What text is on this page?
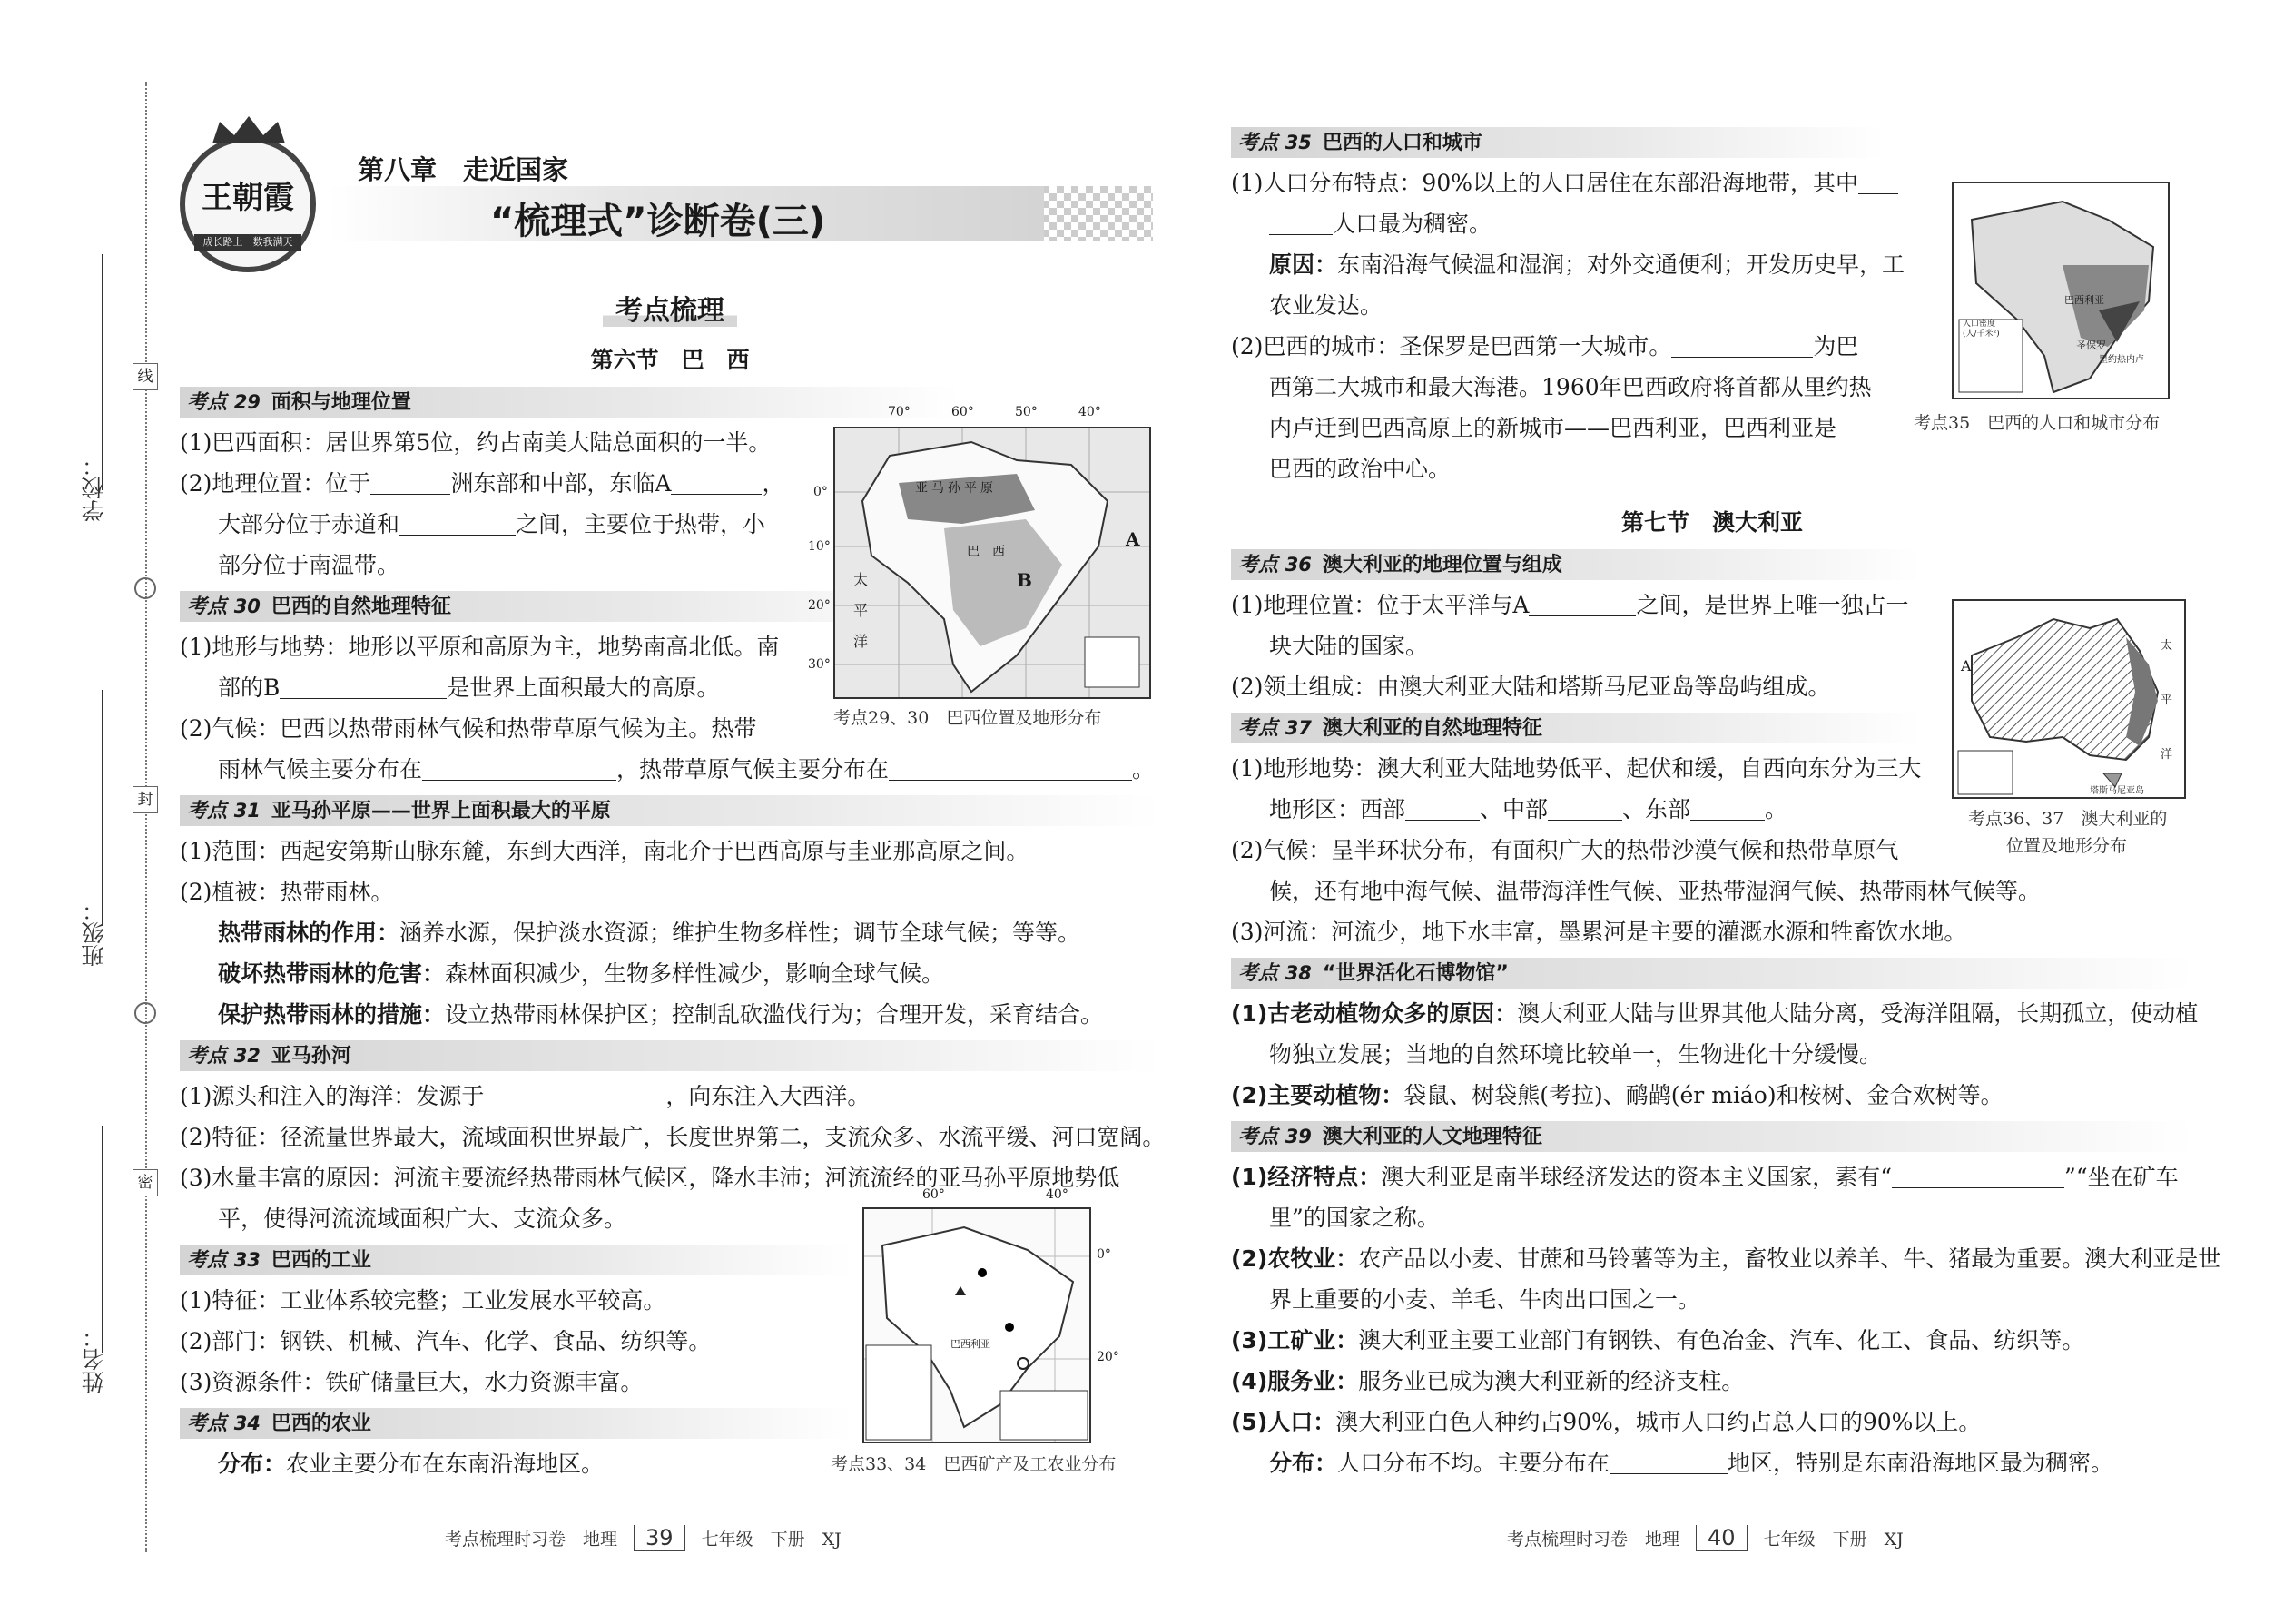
线
封
密
学校：
班级：
姓名：
王朝霞
成长路上　数我满天
第八章　走近国家
“梳理式”诊断卷(三)
考点梳理
第六节　巴　西
考点 29 面积与地理位置
(1)巴西面积：居世界第5位，约占南美大陆总面积的一半。
(2)地理位置：位于	洲东部和中部，东临A	，
大部分位于赤道和	之间，主要位于热带，小
部分位于南温带。
考点 30 巴西的自然地理特征
(1)地形与地势：地形以平原和高原为主，地势南高北低。南
部的B	是世界上面积最大的高原。
(2)气候：巴西以热带雨林气候和热带草原气候为主。热带
雨林气候主要分布在	，热带草原气候主要分布在	。
考点 31 亚马孙平原——世界上面积最大的平原
(1)范围：西起安第斯山脉东麓，东到大西洋，南北介于巴西高原与圭亚那高原之间。
(2)植被：热带雨林。
热带雨林的作用：涵养水源，保护淡水资源；维护生物多样性；调节全球气候；等等。
破坏热带雨林的危害：森林面积减少，生物多样性减少，影响全球气候。
保护热带雨林的措施：设立热带雨林保护区；控制乱砍滥伐行为；合理开发，采育结合。
考点 32 亚马孙河
(1)源头和注入的海洋：发源于	，向东注入大西洋。
(2)特征：径流量世界最大，流域面积世界最广，长度世界第二，支流众多、水流平缓、河口宽阔。
(3)水量丰富的原因：河流主要流经热带雨林气候区，降水丰沛；河流流经的亚马孙平原地势低
平，使得河流流域面积广大、支流众多。
考点 33 巴西的工业
(1)特征：工业体系较完整；工业发展水平较高。
(2)部门：钢铁、机械、汽车、化学、食品、纺织等。
(3)资源条件：铁矿储量巨大，水力资源丰富。
考点 34 巴西的农业
分布：农业主要分布在东南沿海地区。
70°	60°	50°	40°
0°
10°
20°
30°
A
B
太
平
洋
亚马孙平原
巴　西
考点29、30　巴西位置及地形分布
60°	40°
0°
20°
巴西利亚
考点33、34　巴西矿产及工农业分布
考点梳理时习卷　地理	39	七年级　下册　XJ
考点 35 巴西的人口和城市
(1)人口分布特点：90%以上的人口居住在东部沿海地带，其中
人口最为稠密。
原因：东南沿海气候温和湿润；对外交通便利；开发历史早，工
农业发达。
(2)巴西的城市：圣保罗是巴西第一大城市。	为巴
西第二大城市和最大海港。1960年巴西政府将首都从里约热
内卢迁到巴西高原上的新城市——巴西利亚，巴西利亚是
巴西的政治中心。
第七节　澳大利亚
考点 36 澳大利亚的地理位置与组成
(1)地理位置：位于太平洋与A	之间，是世界上唯一独占一
块大陆的国家。
(2)领土组成：由澳大利亚大陆和塔斯马尼亚岛等岛屿组成。
考点 37 澳大利亚的自然地理特征
(1)地形地势：澳大利亚大陆地势低平、起伏和缓，自西向东分为三大
地形区：西部	、中部	、东部	。
(2)气候：呈半环状分布，有面积广大的热带沙漠气候和热带草原气
候，还有地中海气候、温带海洋性气候、亚热带湿润气候、热带雨林气候等。
(3)河流：河流少，地下水丰富，墨累河是主要的灌溉水源和牲畜饮水地。
考点 38 “世界活化石博物馆”
(1)古老动植物众多的原因：澳大利亚大陆与世界其他大陆分离，受海洋阻隔，长期孤立，使动植
物独立发展；当地的自然环境比较单一，生物进化十分缓慢。
(2)主要动植物：袋鼠、树袋熊(考拉)、鸸鹋(ér miáo)和桉树、金合欢树等。
考点 39 澳大利亚的人文地理特征
(1)经济特点：澳大利亚是南半球经济发达的资本主义国家，素有“	”“坐在矿车
里”的国家之称。
(2)农牧业：农产品以小麦、甘蔗和马铃薯等为主，畜牧业以养羊、牛、猪最为重要。澳大利亚是世
界上重要的小麦、羊毛、牛肉出口国之一。
(3)工矿业：澳大利亚主要工业部门有钢铁、有色冶金、汽车、化工、食品、纺织等。
(4)服务业：服务业已成为澳大利亚新的经济支柱。
(5)人口：澳大利亚白色人种约占90%，城市人口约占总人口的90%以上。
分布：人口分布不均。主要分布在	地区，特别是东南沿海地区最为稠密。
巴西利亚
圣保罗
里约热内卢
人口密度
(人/千米²)
考点35　巴西的人口和城市分布
A
太
平
洋
塔斯马尼亚岛
考点36、37　澳大利亚的
位置及地形分布
考点梳理时习卷　地理	40	七年级　下册　XJ
